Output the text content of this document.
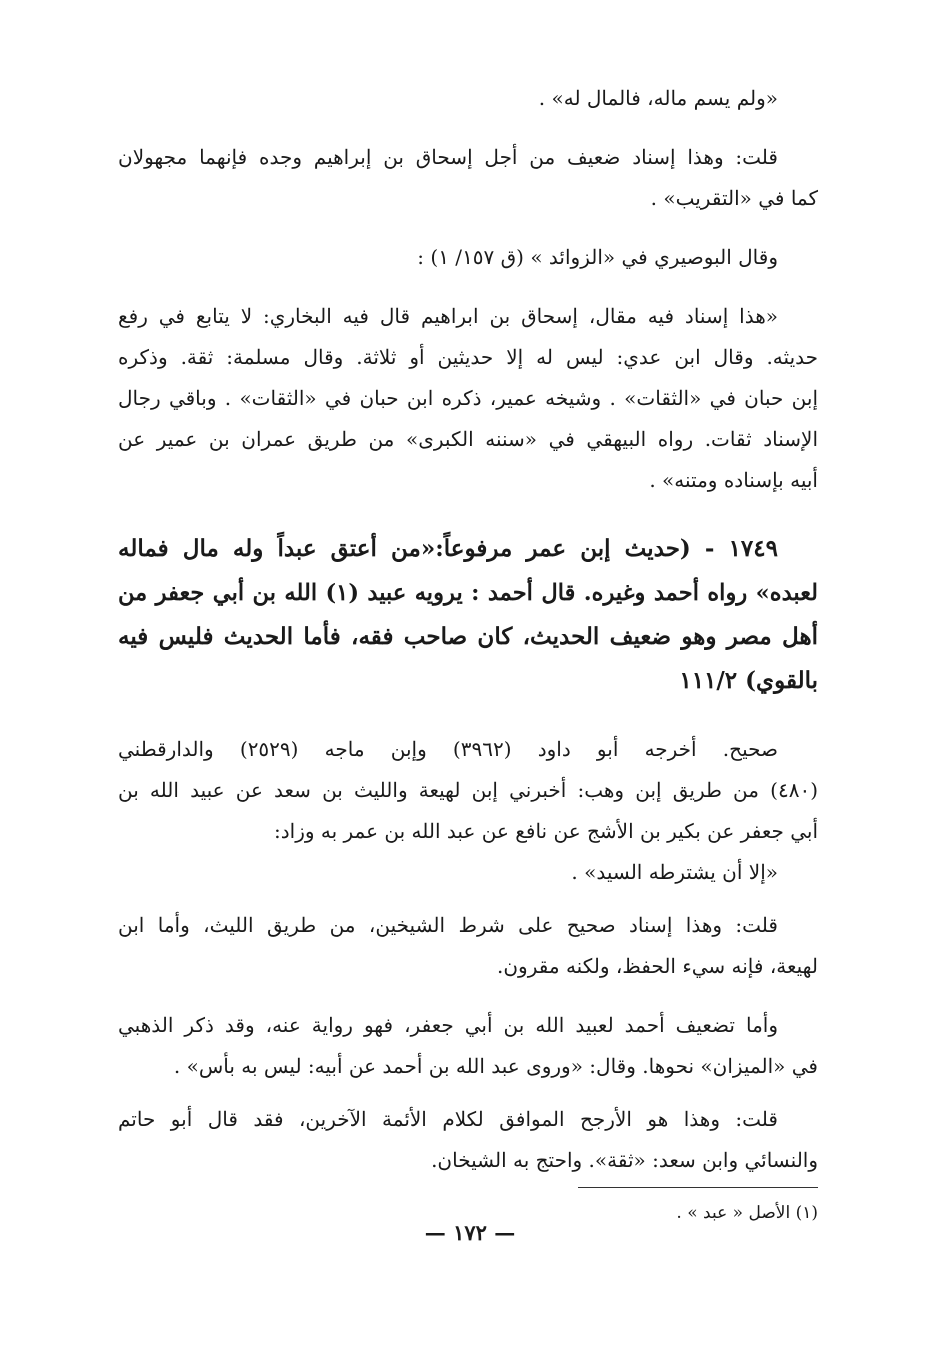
«ولم يسم ماله، فالمال له» .

قلت: وهذا إسناد ضعيف من أجل إسحاق بن إبراهيم وجده فإنهما مجهولان
كما في «التقريب» .

وقال البوصيري في «الزوائد » (ق ١٥٧/ ١) :

«هذا إسناد فيه مقال، إسحاق بن ابراهيم قال فيه البخاري: لا يتابع في رفع
حديثه. وقال ابن عدي: ليس له إلا حديثين أو ثلاثة. وقال مسلمة: ثقة. وذكره
إبن حبان في «الثقات» . وشيخه عمير، ذكره ابن حبان في «الثقات» . وباقي رجال
الإسناد ثقات. رواه البيهقي في «سننه الكبرى» من طريق عمران بن عمير عن
أبيه بإسناده ومتنه» .

١٧٤٩ - (حديث إبن عمر مرفوعاً:«من أعتق عبداً وله مال فماله
لعبده» رواه أحمد وغيره. قال أحمد : يرويه عبيد (١) الله بن أبي جعفر من
أهل مصر وهو ضعيف الحديث، كان صاحب فقه، فأما الحديث فليس فيه
بالقوي) ١١١/٢

صحيح. أخرجه أبو داود (٣٩٦٢) وإبن ماجه (٢٥٢٩) والدارقطني
(٤٨٠) من طريق إبن وهب: أخبرني إبن لهيعة والليث بن سعد عن عبيد الله بن
أبي جعفر عن بكير بن الأشج عن نافع عن عبد الله بن عمر به وزاد:
«إلا أن يشترطه السيد» .

قلت: وهذا إسناد صحيح على شرط الشيخين، من طريق الليث، وأما ابن
لهيعة، فإنه سيء الحفظ، ولكنه مقرون.

وأما تضعيف أحمد لعبيد الله بن أبي جعفر، فهو رواية عنه، وقد ذكر الذهبي
في «الميزان» نحوها. وقال: «وروى عبد الله بن أحمد عن أبيه: ليس به بأس» .

قلت: وهذا هو الأرجح الموافق لكلام الأئمة الآخرين، فقد قال أبو حاتم
والنسائي وابن سعد: «ثقة». واحتج به الشيخان.

(١) الأصل « عبد » .

— ١٧٢ —
